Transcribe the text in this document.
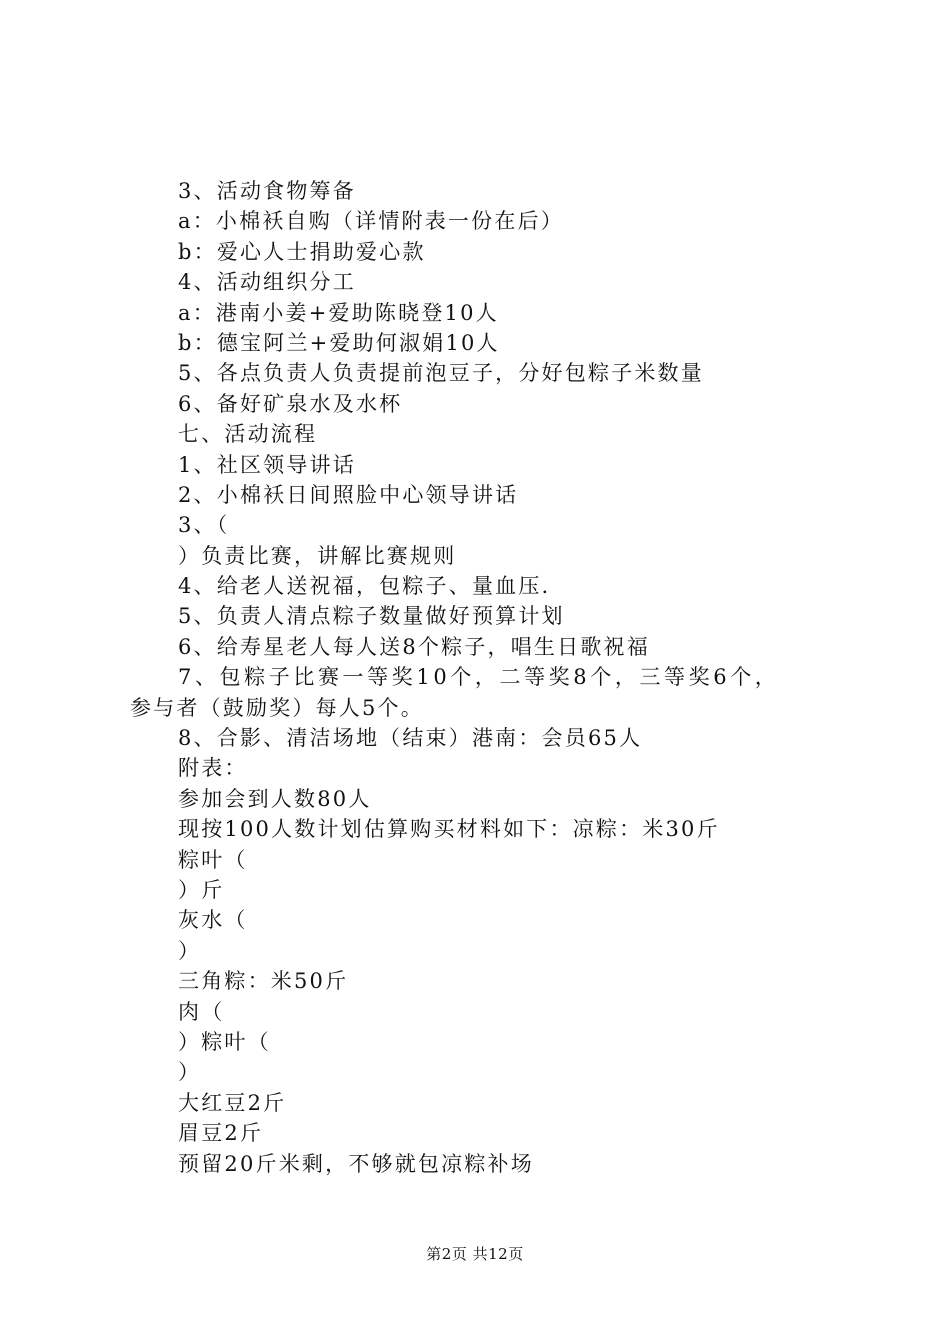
3、活动食物筹备
a：小棉袄自购（详情附表一份在后）
b：爱心人士捐助爱心款
4、活动组织分工
a：港南小姜+爱助陈晓登10人
b：德宝阿兰+爱助何淑娟10人
5、各点负责人负责提前泡豆子，分好包粽子米数量
6、备好矿泉水及水杯
七、活动流程
1、社区领导讲话
2、小棉袄日间照脸中心领导讲话
3、（
）负责比赛，讲解比赛规则
4、给老人送祝福，包粽子、量血压.
5、负责人清点粽子数量做好预算计划
6、给寿星老人每人送8个粽子，唱生日歌祝福
7、包粽子比赛一等奖10个，二等奖8个，三等奖6个，
参与者（鼓励奖）每人5个。
8、合影、清洁场地（结束）港南：会员65人
附表：
参加会到人数80人
现按100人数计划估算购买材料如下：凉粽：米30斤
粽叶（
）斤
灰水（
）
三角粽：米50斤
肉（
）粽叶（
）
大红豆2斤
眉豆2斤
预留20斤米剩，不够就包凉粽补场
第2页 共12页
